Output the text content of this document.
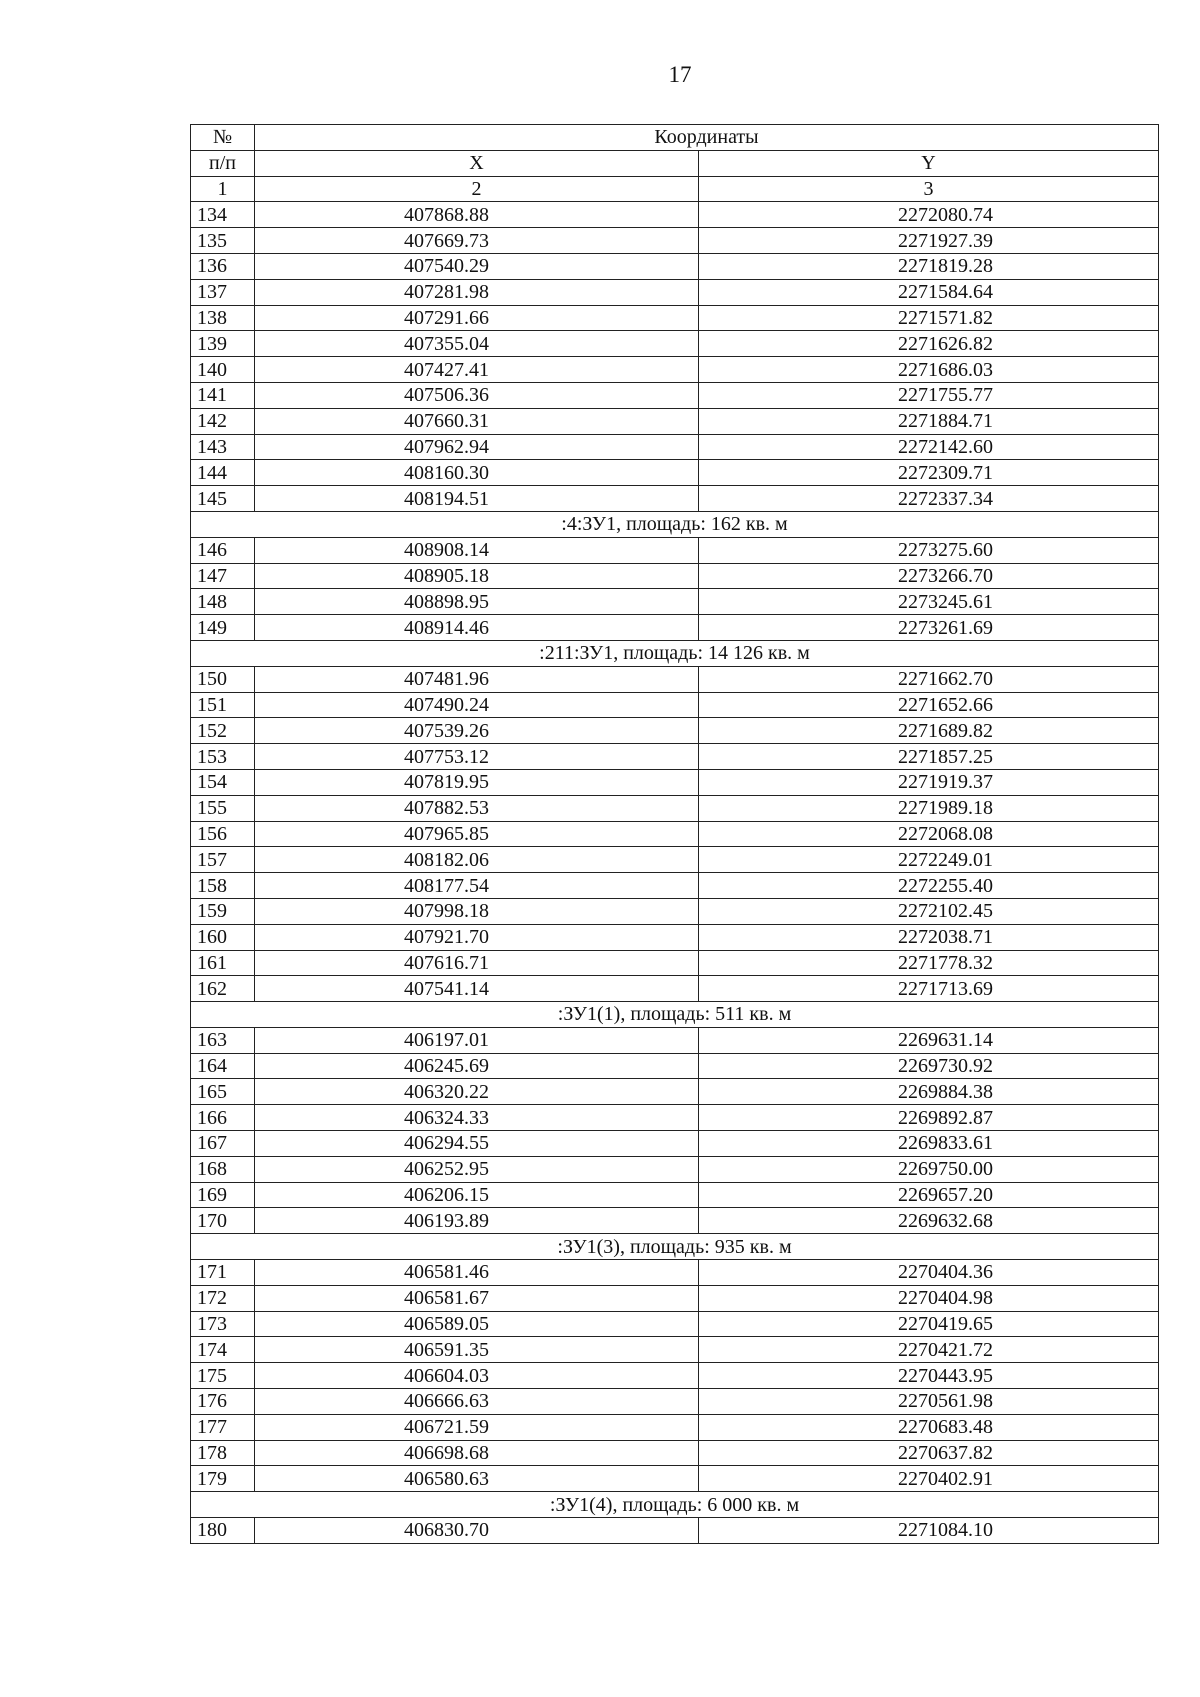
17
№	Координаты	
п/п	X	Y
1	2	3
134	407868.88	2272080.74
135	407669.73	2271927.39
136	407540.29	2271819.28
137	407281.98	2271584.64
138	407291.66	2271571.82
139	407355.04	2271626.82
140	407427.41	2271686.03
141	407506.36	2271755.77
142	407660.31	2271884.71
143	407962.94	2272142.60
144	408160.30	2272309.71
145	408194.51	2272337.34
:4:ЗУ1, площадь: 162 кв. м		
146	408908.14	2273275.60
147	408905.18	2273266.70
148	408898.95	2273245.61
149	408914.46	2273261.69
:211:ЗУ1, площадь: 14 126 кв. м		
150	407481.96	2271662.70
151	407490.24	2271652.66
152	407539.26	2271689.82
153	407753.12	2271857.25
154	407819.95	2271919.37
155	407882.53	2271989.18
156	407965.85	2272068.08
157	408182.06	2272249.01
158	408177.54	2272255.40
159	407998.18	2272102.45
160	407921.70	2272038.71
161	407616.71	2271778.32
162	407541.14	2271713.69
:ЗУ1(1), площадь: 511 кв. м		
163	406197.01	2269631.14
164	406245.69	2269730.92
165	406320.22	2269884.38
166	406324.33	2269892.87
167	406294.55	2269833.61
168	406252.95	2269750.00
169	406206.15	2269657.20
170	406193.89	2269632.68
:ЗУ1(3), площадь: 935 кв. м		
171	406581.46	2270404.36
172	406581.67	2270404.98
173	406589.05	2270419.65
174	406591.35	2270421.72
175	406604.03	2270443.95
176	406666.63	2270561.98
177	406721.59	2270683.48
178	406698.68	2270637.82
179	406580.63	2270402.91
:ЗУ1(4), площадь: 6 000 кв. м		
180	406830.70	2271084.10
